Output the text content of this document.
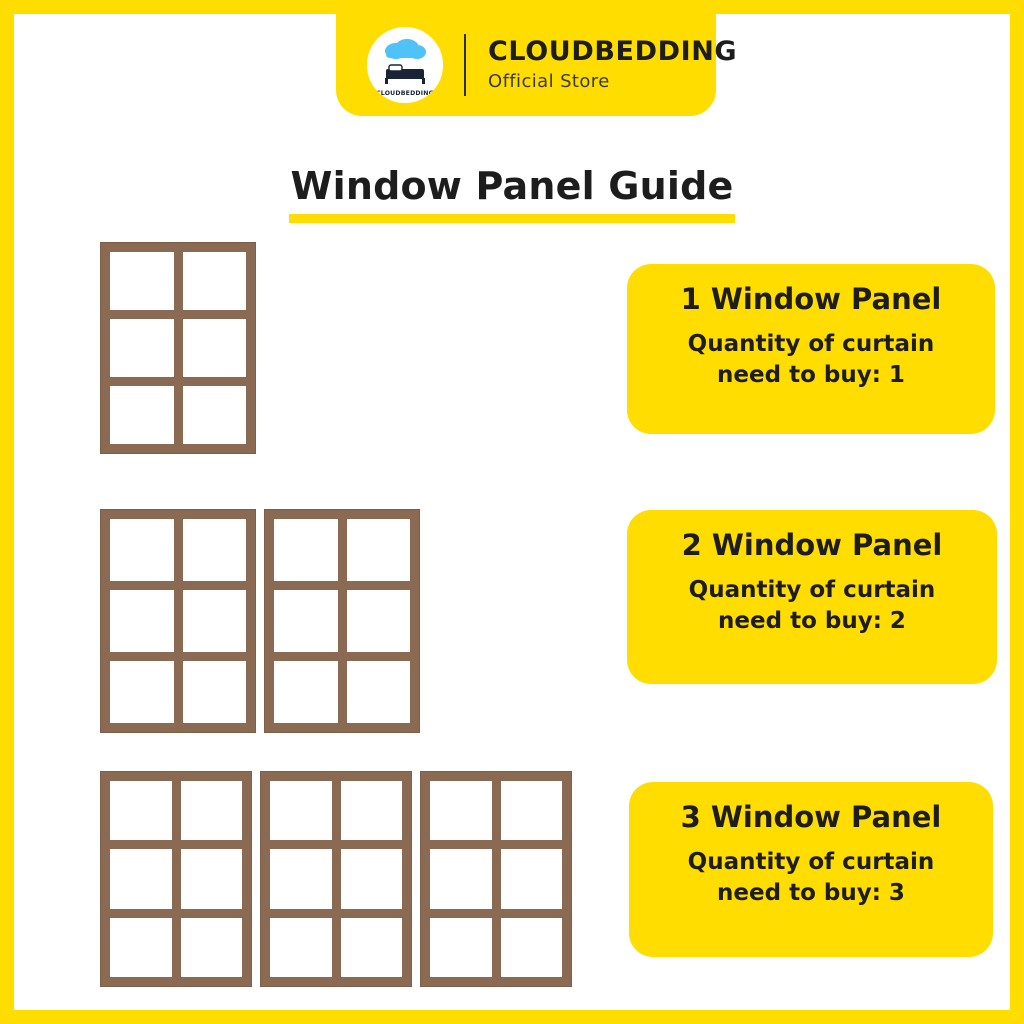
CLOUDBEDDING
CLOUDBEDDING
Official Store
Window Panel Guide
1 Window Panel
Quantity of curtain
need to buy: 1
2 Window Panel
Quantity of curtain
need to buy: 2
3 Window Panel
Quantity of curtain
need to buy: 3
